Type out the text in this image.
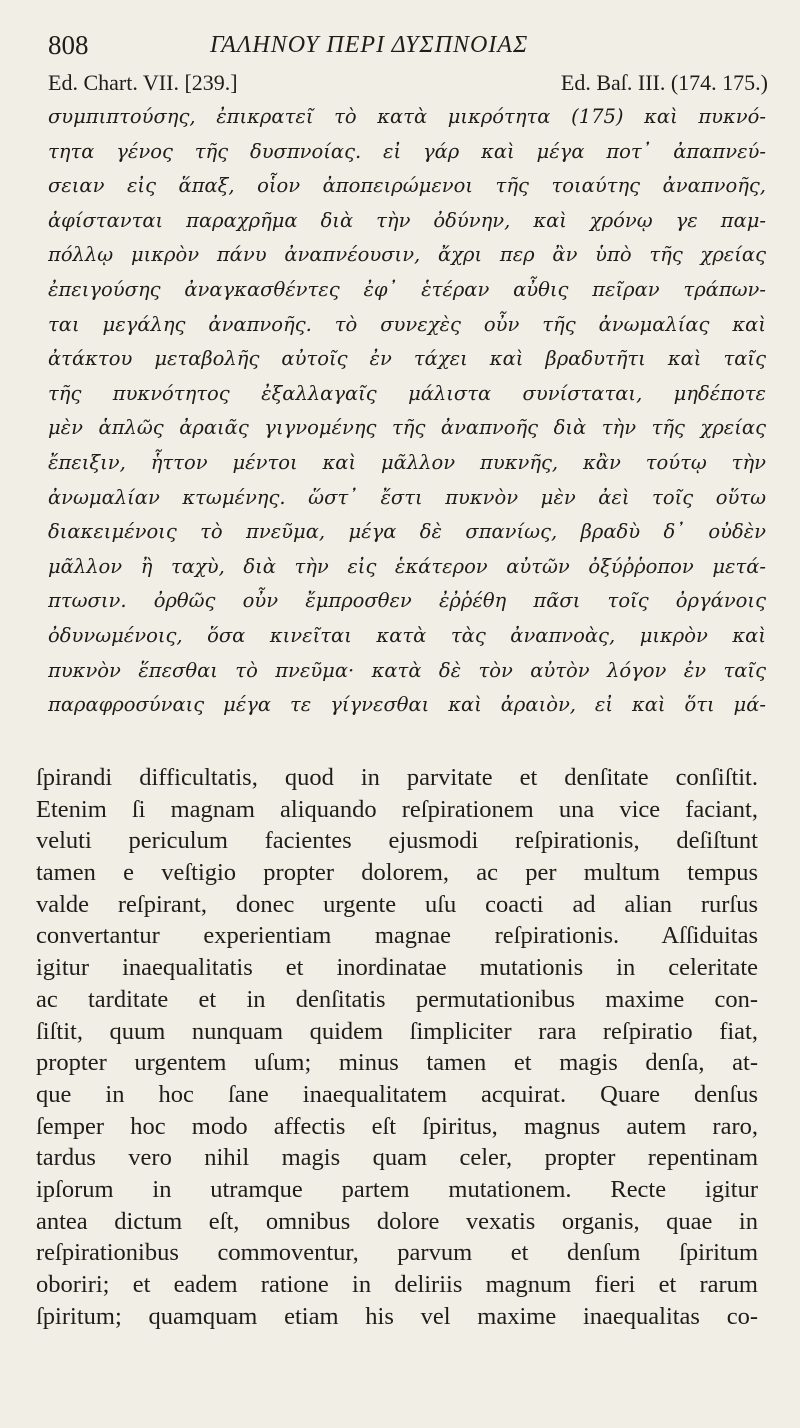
808	ΓΑΛΗΝΟΥ ΠΕΡΙ ΔΥΣΠΝΟΙΑΣ
Ed. Chart. VII. [239.]	Ed. Baſ. III. (174. 175.)
συμπιπτούσης, ἐπικρατεῖ τὸ κατὰ μικρότητα (175) καὶ πυκνό-
τητα γένος τῆς δυσπνοίας. εἰ γάρ καὶ μέγα ποτ᾽ ἀπαπνεύ-
σειαν εἰς ἅπαξ, οἷον ἀποπειρώμενοι τῆς τοιαύτης ἀναπνοῆς,
ἀφίστανται παραχρῆμα διὰ τὴν ὀδύνην, καὶ χρόνῳ γε παμ-
πόλλῳ μικρὸν πάνυ ἀναπνέουσιν, ἄχρι περ ἂν ὑπὸ τῆς χρείας
ἐπειγούσης ἀναγκασθέντες ἐφ᾽ ἑτέραν αὖθις πεῖραν τράπων-
ται μεγάλης ἀναπνοῆς. τὸ συνεχὲς οὖν τῆς ἀνωμαλίας καὶ
ἀτάκτου μεταβολῆς αὐτοῖς ἐν τάχει καὶ βραδυτῆτι καὶ ταῖς
τῆς πυκνότητος ἐξαλλαγαῖς μάλιστα συνίσταται, μηδέποτε
μὲν ἁπλῶς ἀραιᾶς γιγνομένης τῆς ἀναπνοῆς διὰ τὴν τῆς χρείας
ἔπειξιν, ἧττον μέντοι καὶ μᾶλλον πυκνῆς, κἂν τούτῳ τὴν
ἀνωμαλίαν κτωμένης. ὥστ᾽ ἔστι πυκνὸν μὲν ἀεὶ τοῖς οὕτω
διακειμένοις τὸ πνεῦμα, μέγα δὲ σπανίως, βραδὺ δ᾽ οὐδὲν
μᾶλλον ἢ ταχὺ, διὰ τὴν εἰς ἑκάτερον αὐτῶν ὀξύῤῥοπον μετά-
πτωσιν. ὀρθῶς οὖν ἔμπροσθεν ἐῤῥέθη πᾶσι τοῖς ὀργάνοις
ὀδυνωμένοις, ὅσα κινεῖται κατὰ τὰς ἀναπνοὰς, μικρὸν καὶ
πυκνὸν ἕπεσθαι τὸ πνεῦμα· κατὰ δὲ τὸν αὐτὸν λόγον ἐν ταῖς
παραφροσύναις μέγα τε γίγνεσθαι καὶ ἀραιὸν, εἰ καὶ ὅτι μά-
ſpirandi difficultatis, quod in parvitate et denſitate conſiſtit.
Etenim ſi magnam aliquando reſpirationem una vice faciant,
veluti periculum facientes ejusmodi reſpirationis, deſiſtunt
tamen e veſtigio propter dolorem, ac per multum tempus
valde reſpirant, donec urgente uſu coacti ad alian rurſus
convertantur experientiam magnae reſpirationis. Aſſiduitas
igitur inaequalitatis et inordinatae mutationis in celeritate
ac tarditate et in denſitatis permutationibus maxime con-
ſiſtit, quum nunquam quidem ſimpliciter rara reſpiratio fiat,
propter urgentem uſum; minus tamen et magis denſa, at-
que in hoc ſane inaequalitatem acquirat. Quare denſus
ſemper hoc modo affectis eſt ſpiritus, magnus autem raro,
tardus vero nihil magis quam celer, propter repentinam
ipſorum in utramque partem mutationem. Recte igitur
antea dictum eſt, omnibus dolore vexatis organis, quae in
reſpirationibus commoventur, parvum et denſum ſpiritum
oboriri; et eadem ratione in deliriis magnum fieri et rarum
ſpiritum; quamquam etiam his vel maxime inaequalitas co-
